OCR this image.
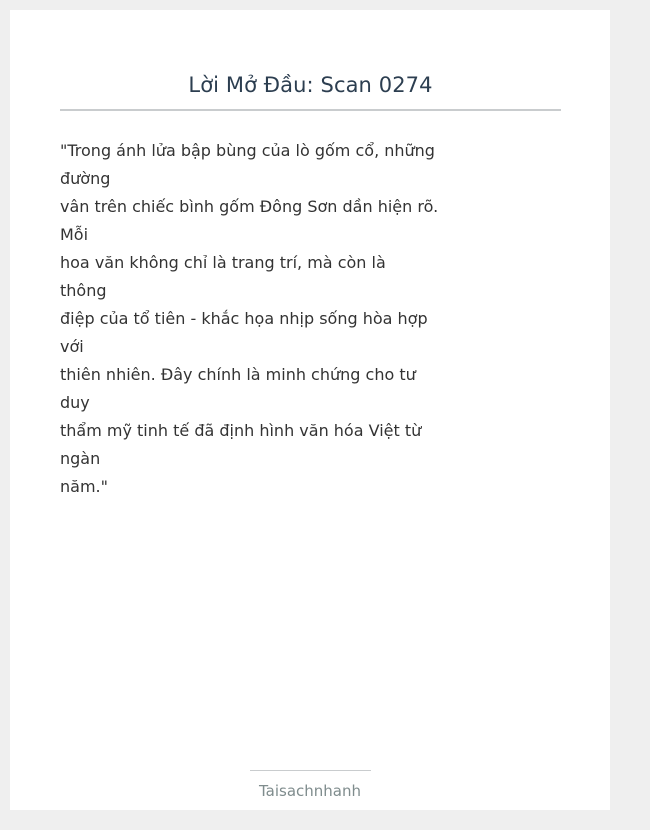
Lời Mở Đầu: Scan 0274
"Trong ánh lửa bập bùng của lò gốm cổ, những
đường
vân trên chiếc bình gốm Đông Sơn dần hiện rõ.
Mỗi
hoa văn không chỉ là trang trí, mà còn là
thông
điệp của tổ tiên - khắc họa nhịp sống hòa hợp
với
thiên nhiên. Đây chính là minh chứng cho tư
duy
thẩm mỹ tinh tế đã định hình văn hóa Việt từ
ngàn
năm."
Taisachnhanh
